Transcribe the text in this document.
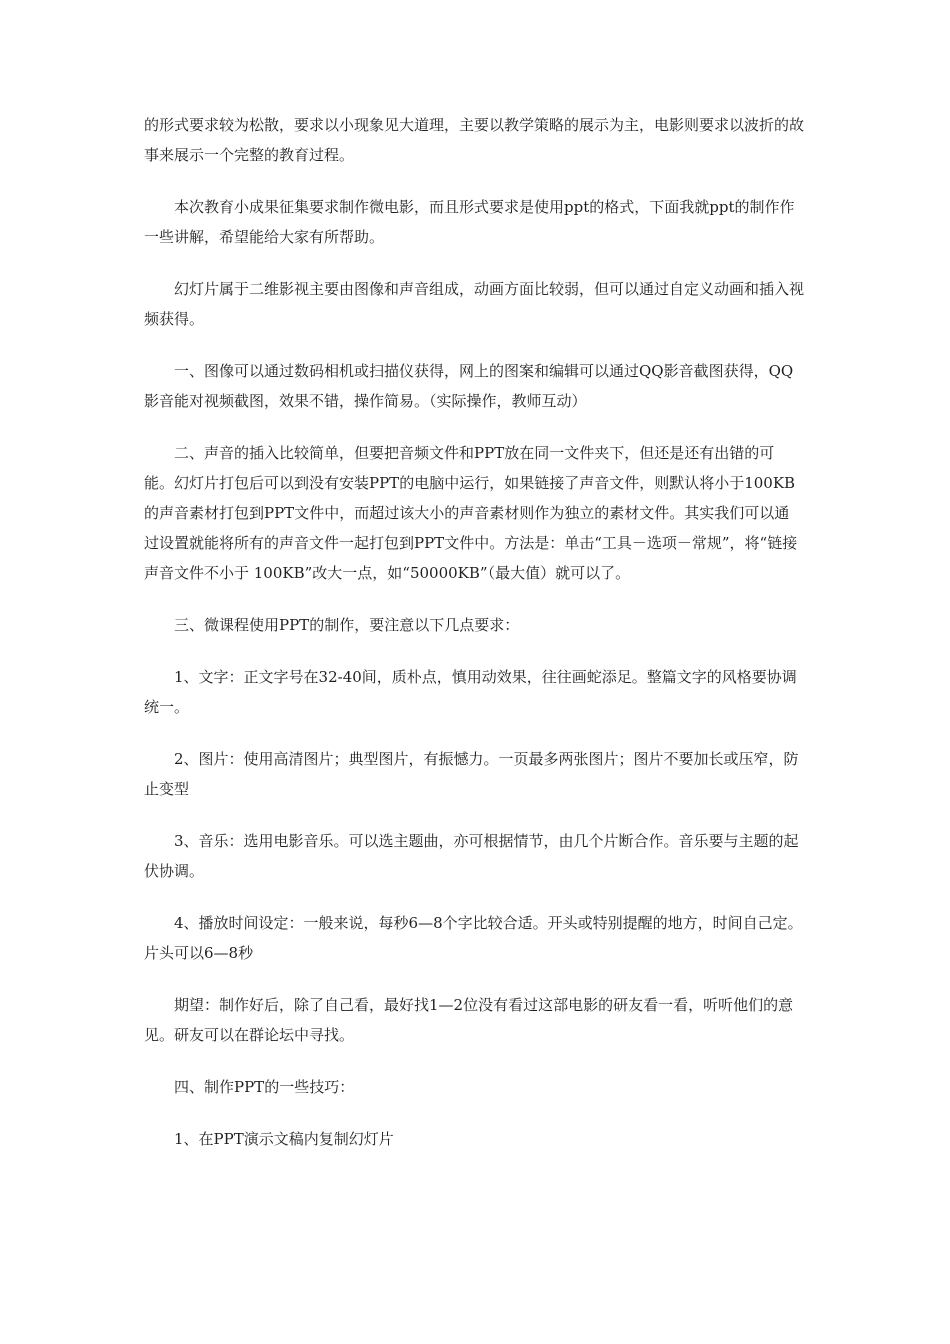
的形式要求较为松散，要求以小现象见大道理，主要以教学策略的展示为主，电影则要求以波折的故事来展示一个完整的教育过程。

本次教育小成果征集要求制作微电影，而且形式要求是使用ppt的格式，下面我就ppt的制作作一些讲解，希望能给大家有所帮助。

幻灯片属于二维影视主要由图像和声音组成，动画方面比较弱，但可以通过自定义动画和插入视频获得。

一、图像可以通过数码相机或扫描仪获得，网上的图案和编辑可以通过QQ影音截图获得，QQ影音能对视频截图，效果不错，操作简易。（实际操作，教师互动）

二、声音的插入比较简单，但要把音频文件和PPT放在同一文件夹下，但还是还有出错的可能。幻灯片打包后可以到没有安装PPT的电脑中运行，如果链接了声音文件，则默认将小于100KB的声音素材打包到PPT文件中，而超过该大小的声音素材则作为独立的素材文件。其实我们可以通过设置就能将所有的声音文件一起打包到PPT文件中。方法是：单击“工具－选项－常规”，将“链接声音文件不小于 100KB”改大一点，如“50000KB”（最大值）就可以了。

三、微课程使用PPT的制作，要注意以下几点要求：

1、文字：正文字号在32-40间，质朴点，慎用动效果，往往画蛇添足。整篇文字的风格要协调统一。

2、图片：使用高清图片；典型图片，有振憾力。一页最多两张图片；图片不要加长或压窄，防止变型

3、音乐：选用电影音乐。可以选主题曲，亦可根据情节，由几个片断合作。音乐要与主题的起伏协调。

4、播放时间设定：一般来说，每秒6—8个字比较合适。开头或特别提醒的地方，时间自己定。片头可以6—8秒

期望：制作好后，除了自己看，最好找1—2位没有看过这部电影的研友看一看，听听他们的意见。研友可以在群论坛中寻找。

四、制作PPT的一些技巧：

1、在PPT演示文稿内复制幻灯片
